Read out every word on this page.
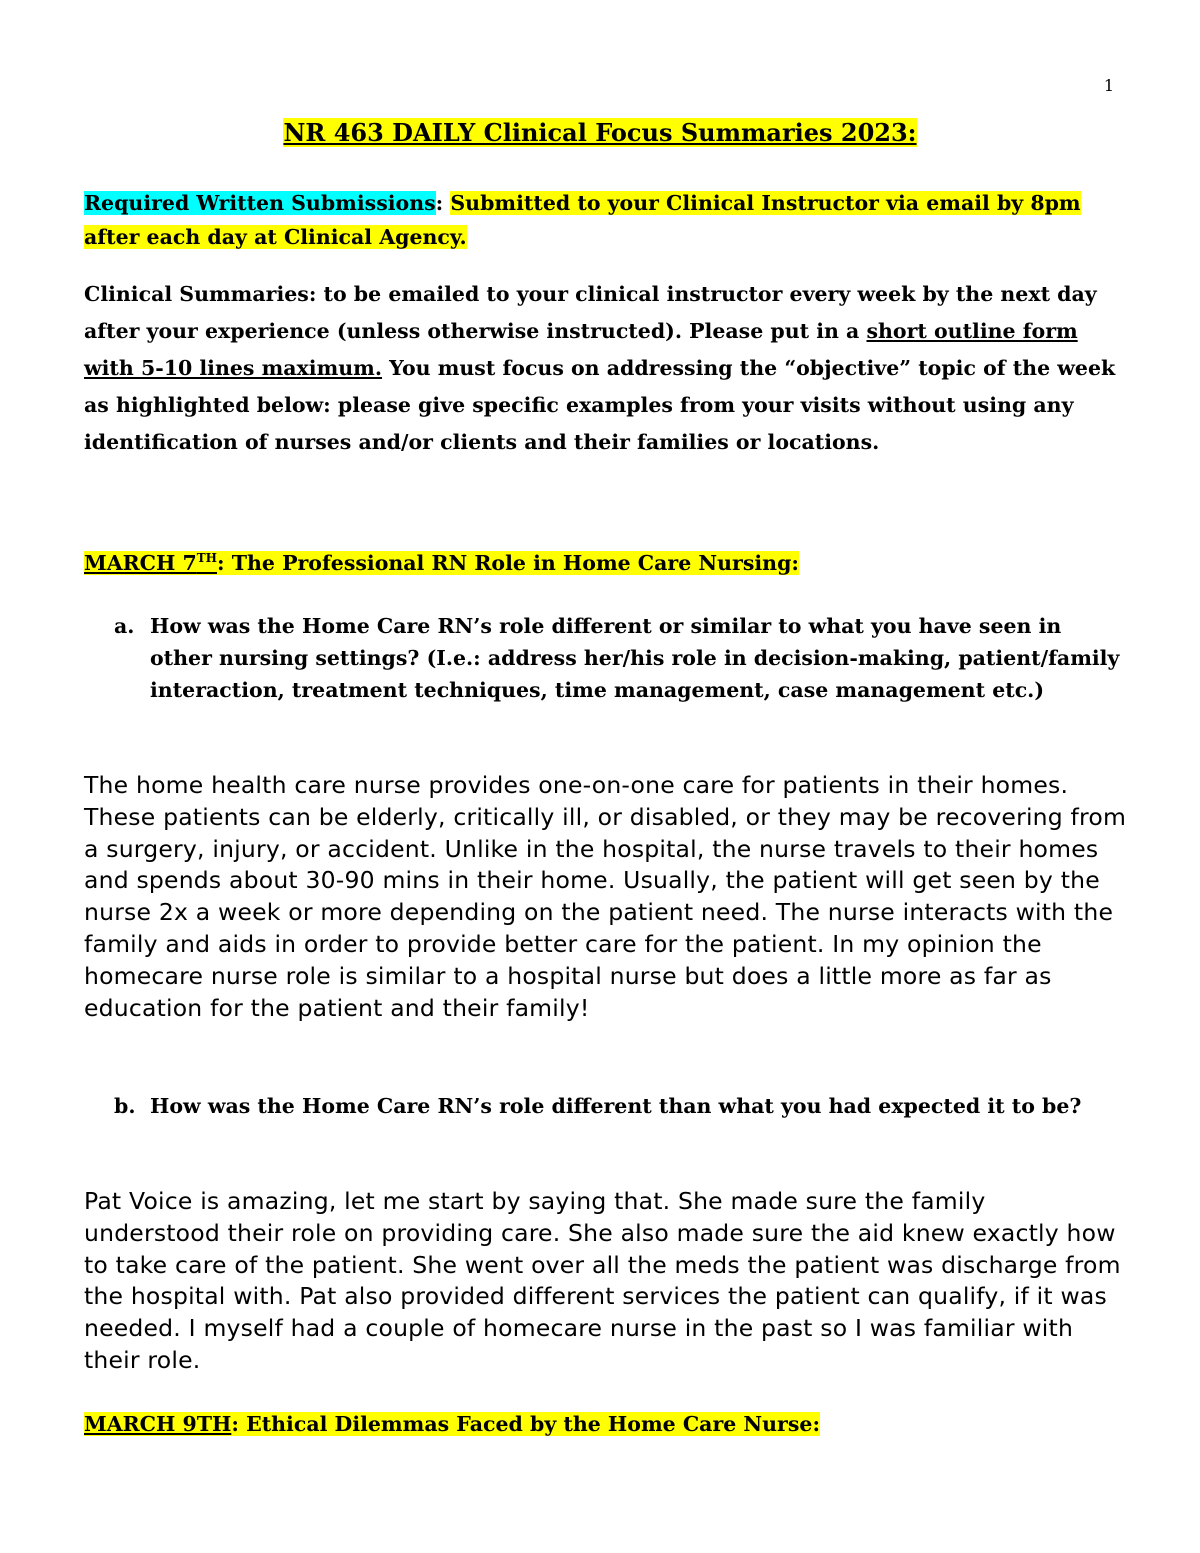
1
NR 463 DAILY Clinical Focus Summaries 2023:
Required Written Submissions: Submitted to your Clinical Instructor via email by 8pm after each day at Clinical Agency.
Clinical Summaries: to be emailed to your clinical instructor every week by the next day after your experience (unless otherwise instructed). Please put in a short outline form with 5-10 lines maximum. You must focus on addressing the “objective” topic of the week as highlighted below: please give specific examples from your visits without using any identification of nurses and/or clients and their families or locations.
MARCH 7TH: The Professional RN Role in Home Care Nursing:
a. How was the Home Care RN’s role different or similar to what you have seen in other nursing settings? (I.e.: address her/his role in decision-making, patient/family interaction, treatment techniques, time management, case management etc.)
The home health care nurse provides one-on-one care for patients in their homes. These patients can be elderly, critically ill, or disabled, or they may be recovering from a surgery, injury, or accident. Unlike in the hospital, the nurse travels to their homes and spends about 30-90 mins in their home. Usually, the patient will get seen by the nurse 2x a week or more depending on the patient need. The nurse interacts with the family and aids in order to provide better care for the patient. In my opinion the homecare nurse role is similar to a hospital nurse but does a little more as far as education for the patient and their family!
b. How was the Home Care RN’s role different than what you had expected it to be?
Pat Voice is amazing, let me start by saying that. She made sure the family understood their role on providing care. She also made sure the aid knew exactly how to take care of the patient. She went over all the meds the patient was discharge from the hospital with. Pat also provided different services the patient can qualify, if it was needed. I myself had a couple of homecare nurse in the past so I was familiar with their role.
MARCH 9TH: Ethical Dilemmas Faced by the Home Care Nurse:
